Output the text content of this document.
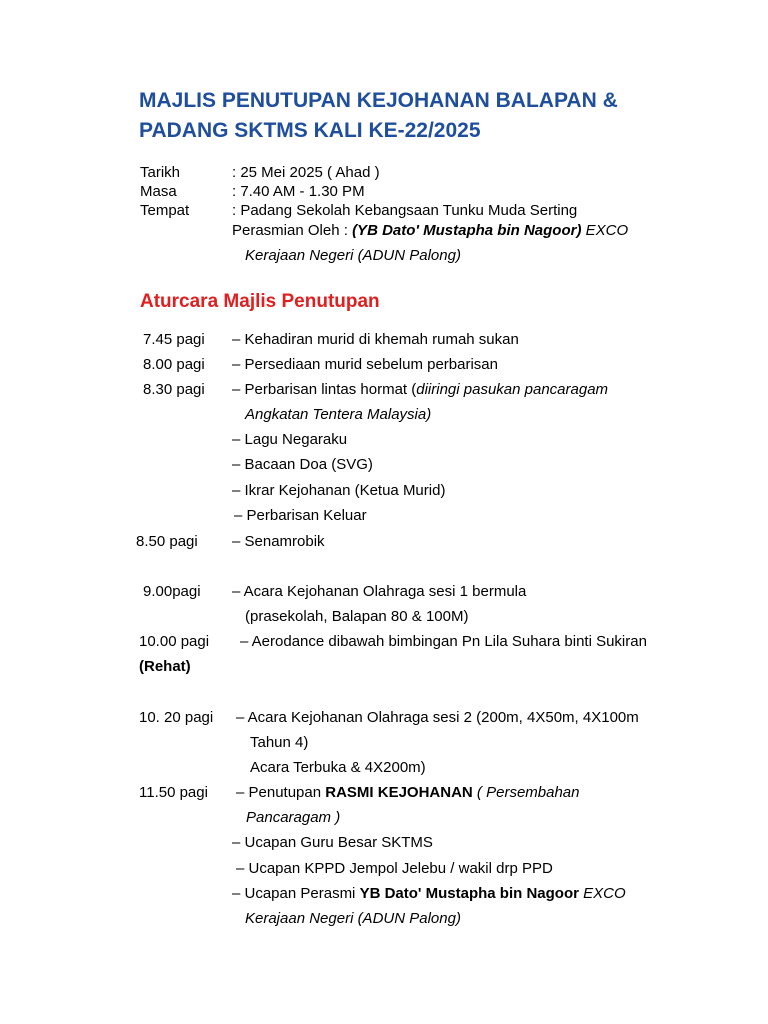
MAJLIS PENUTUPAN KEJOHANAN BALAPAN &
PADANG SKTMS KALI KE-22/2025
Tarikh	: 25 Mei 2025 ( Ahad )
Masa	: 7.40 AM - 1.30 PM
Tempat	: Padang Sekolah Kebangsaan Tunku Muda Serting
Perasmian Oleh : (YB Dato' Mustapha bin Nagoor) EXCO
Kerajaan Negeri (ADUN Palong)
Aturcara Majlis Penutupan
7.45 pagi – Kehadiran murid di khemah rumah sukan
8.00 pagi – Persediaan murid sebelum perbarisan
8.30 pagi – Perbarisan lintas hormat (diiringi pasukan pancaragam
Angkatan Tentera Malaysia)
– Lagu Negaraku
– Bacaan Doa (SVG)
– Ikrar Kejohanan (Ketua Murid)
– Perbarisan Keluar
8.50 pagi – Senamrobik
9.00pagi – Acara Kejohanan Olahraga sesi 1 bermula
(prasekolah, Balapan 80 & 100M)
10.00 pagi – Aerodance dibawah bimbingan Pn Lila Suhara binti Sukiran
(Rehat)
10. 20 pagi – Acara Kejohanan Olahraga sesi 2 (200m, 4X50m, 4X100m
Tahun 4)
Acara Terbuka & 4X200m)
11.50 pagi – Penutupan RASMI KEJOHANAN ( Persembahan
Pancaragam )
– Ucapan Guru Besar SKTMS
– Ucapan KPPD Jempol Jelebu / wakil drp PPD
– Ucapan Perasmi YB Dato' Mustapha bin Nagoor EXCO
Kerajaan Negeri (ADUN Palong)
